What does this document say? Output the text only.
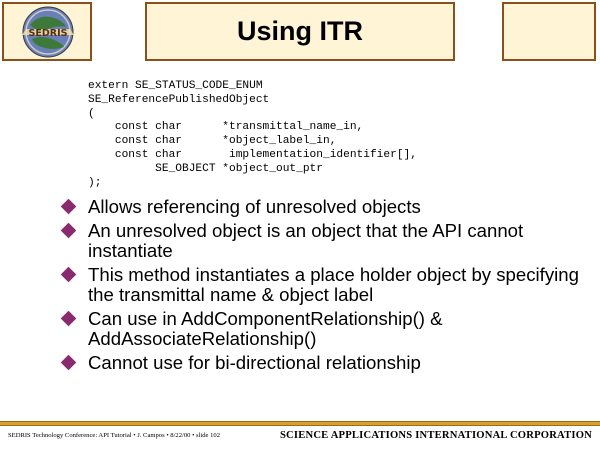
SEDRIS	Using ITR
extern SE_STATUS_CODE_ENUM
SE_ReferencePublishedObject
(
const char      *transmittal_name_in,
const char      *object_label_in,
const char       implementation_identifier[],
SE_OBJECT *object_out_ptr
);
Allows referencing of unresolved objects
An unresolved object is an object that the API cannot instantiate
This method instantiates a place holder object by specifying the transmittal name & object label
Can use in AddComponentRelationship() & AddAssociateRelationship()
Cannot use for bi-directional relationship
SEDRIS Technology Conference: API Tutorial • J. Campos • 8/22/00 • slide 102	SCIENCE APPLICATIONS INTERNATIONAL CORPORATION
